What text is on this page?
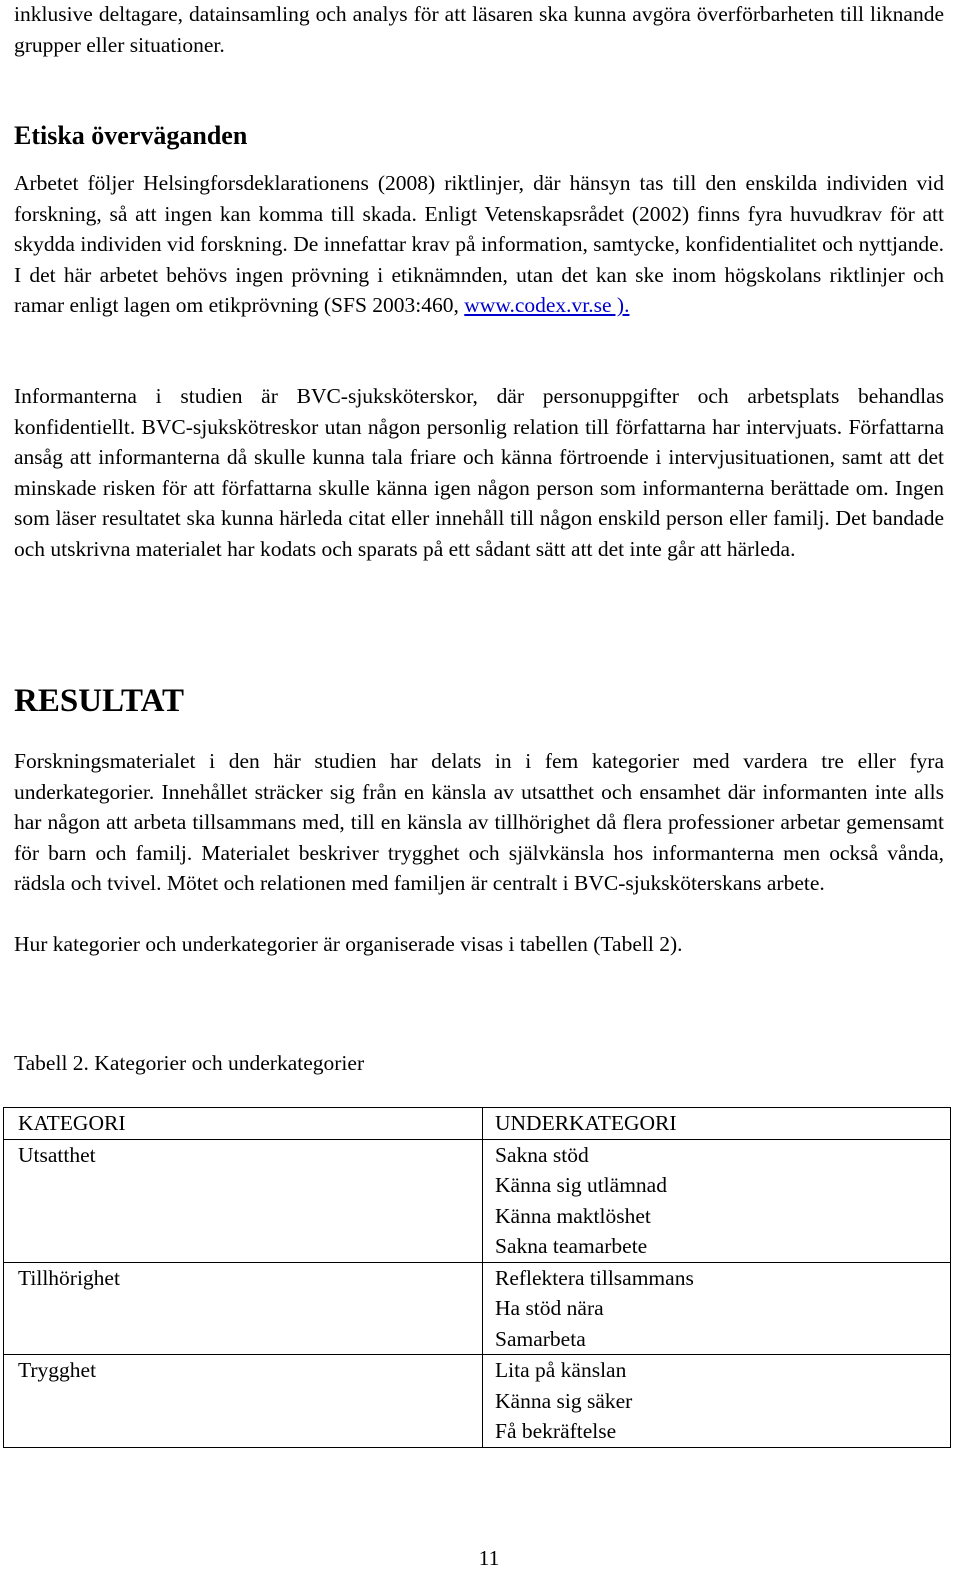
inklusive deltagare, datainsamling och analys för att läsaren ska kunna avgöra överförbarheten till liknande grupper eller situationer.

Etiska överväganden

Arbetet följer Helsingforsdeklarationens (2008) riktlinjer, där hänsyn tas till den enskilda individen vid forskning, så att ingen kan komma till skada. Enligt Vetenskapsrådet (2002) finns fyra huvudkrav för att skydda individen vid forskning. De innefattar krav på information, samtycke, konfidentialitet och nyttjande. I det här arbetet behövs ingen prövning i etiknämnden, utan det kan ske inom högskolans riktlinjer och ramar enligt lagen om etikprövning (SFS 2003:460, www.codex.vr.se ).

Informanterna i studien är BVC-sjuksköterskor, där personuppgifter och arbetsplats behandlas konfidentiellt. BVC-sjukskötreskor utan någon personlig relation till författarna har intervjuats. Författarna ansåg att informanterna då skulle kunna tala friare och känna förtroende i intervjusituationen, samt att det minskade risken för att författarna skulle känna igen någon person som informanterna berättade om. Ingen som läser resultatet ska kunna härleda citat eller innehåll till någon enskild person eller familj. Det bandade och utskrivna materialet har kodats och sparats på ett sådant sätt att det inte går att härleda.

RESULTAT

Forskningsmaterialet i den här studien har delats in i fem kategorier med vardera tre eller fyra underkategorier. Innehållet sträcker sig från en känsla av utsatthet och ensamhet där informanten inte alls har någon att arbeta tillsammans med, till en känsla av tillhörighet då flera professioner arbetar gemensamt för barn och familj. Materialet beskriver trygghet och självkänsla hos informanterna men också vånda, rädsla och tvivel. Mötet och relationen med familjen är centralt i BVC-sjuksköterskans arbete.

Hur kategorier och underkategorier är organiserade visas i tabellen (Tabell 2).

Tabell 2. Kategorier och underkategorier

KATEGORI	UNDERKATEGORI
Utsatthet	Sakna stöd
Känna sig utlämnad
Känna maktlöshet
Sakna teamarbete

Tillhörighet	Reflektera tillsammans
Ha stöd nära
Samarbeta

Trygghet	Lita på känslan
Känna sig säker
Få bekräftelse
11
